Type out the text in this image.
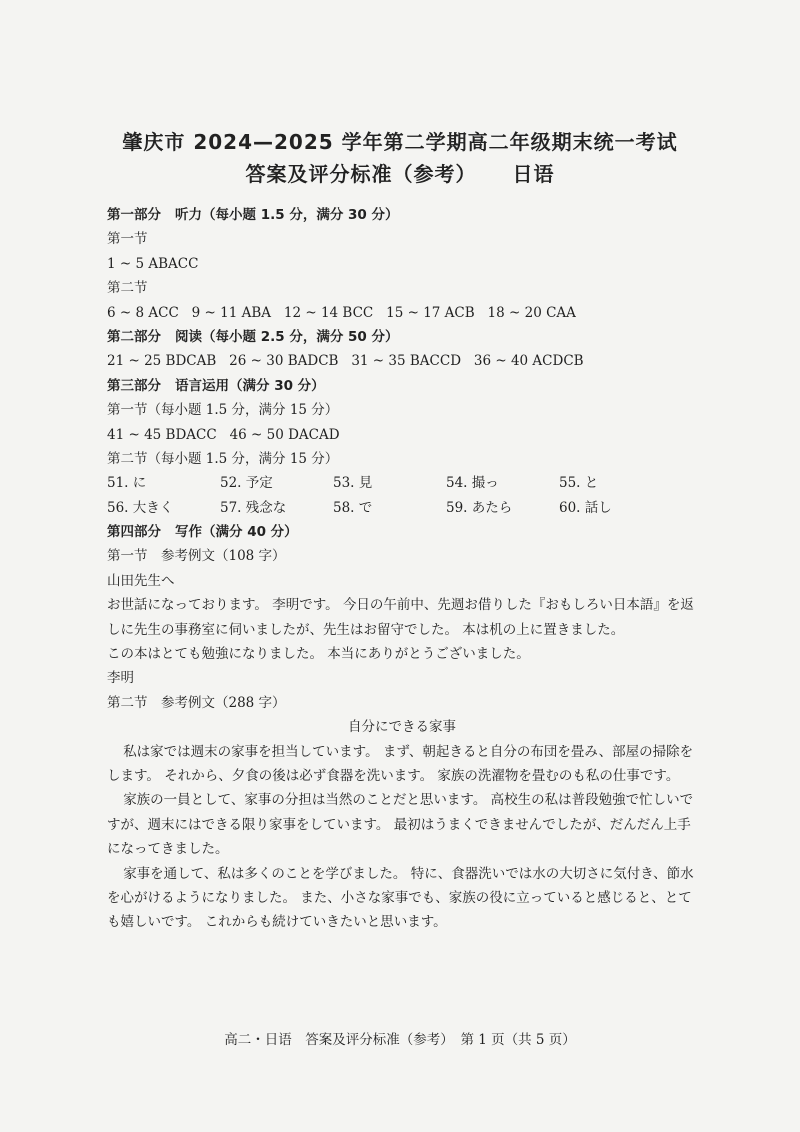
肇庆市 2024—2025 学年第二学期高二年级期末统一考试
答案及评分标准（参考） 日语
第一部分 听力（每小题 1.5 分，满分 30 分）
第一节
1 ~ 5 ABACC
第二节
6 ~ 8 ACC   9 ~ 11 ABA   12 ~ 14 BCC   15 ~ 17 ACB   18 ~ 20 CAA
第二部分 阅读（每小题 2.5 分，满分 50 分）
21 ~ 25 BDCAB   26 ~ 30 BADCB   31 ~ 35 BACCD   36 ~ 40 ACDCB
第三部分 语言运用（满分 30 分）
第一节（每小题 1.5 分，满分 15 分）
41 ~ 45 BDACC   46 ~ 50 DACAD
第二节（每小题 1.5 分，满分 15 分）
51. に	52. 予定	53. 見	54. 撮っ	55. と
56. 大きく	57. 残念な	58. で	59. あたら	60. 話し
第四部分 写作（满分 40 分）
第一节　参考例文（108 字）
山田先生へ
お世話になっております。 李明です。 今日の午前中、先週お借りした『おもしろい日本語』を返しに先生の事務室に伺いましたが、先生はお留守でした。 本は机の上に置きました。
この本はとても勉強になりました。 本当にありがとうございました。
李明
第二节　参考例文（288 字）
自分にできる家事
私は家では週末の家事を担当しています。 まず、朝起きると自分の布団を畳み、部屋の掃除をします。 それから、夕食の後は必ず食器を洗います。 家族の洗濯物を畳むのも私の仕事です。
家族の一員として、家事の分担は当然のことだと思います。 高校生の私は普段勉強で忙しいですが、週末にはできる限り家事をしています。 最初はうまくできませんでしたが、だんだん上手になってきました。
家事を通して、私は多くのことを学びました。 特に、食器洗いでは水の大切さに気付き、節水を心がけるようになりました。 また、小さな家事でも、家族の役に立っていると感じると、とても嬉しいです。 これからも続けていきたいと思います。
高二・日语　答案及评分标准（参考）　第 1 页（共 5 页）
